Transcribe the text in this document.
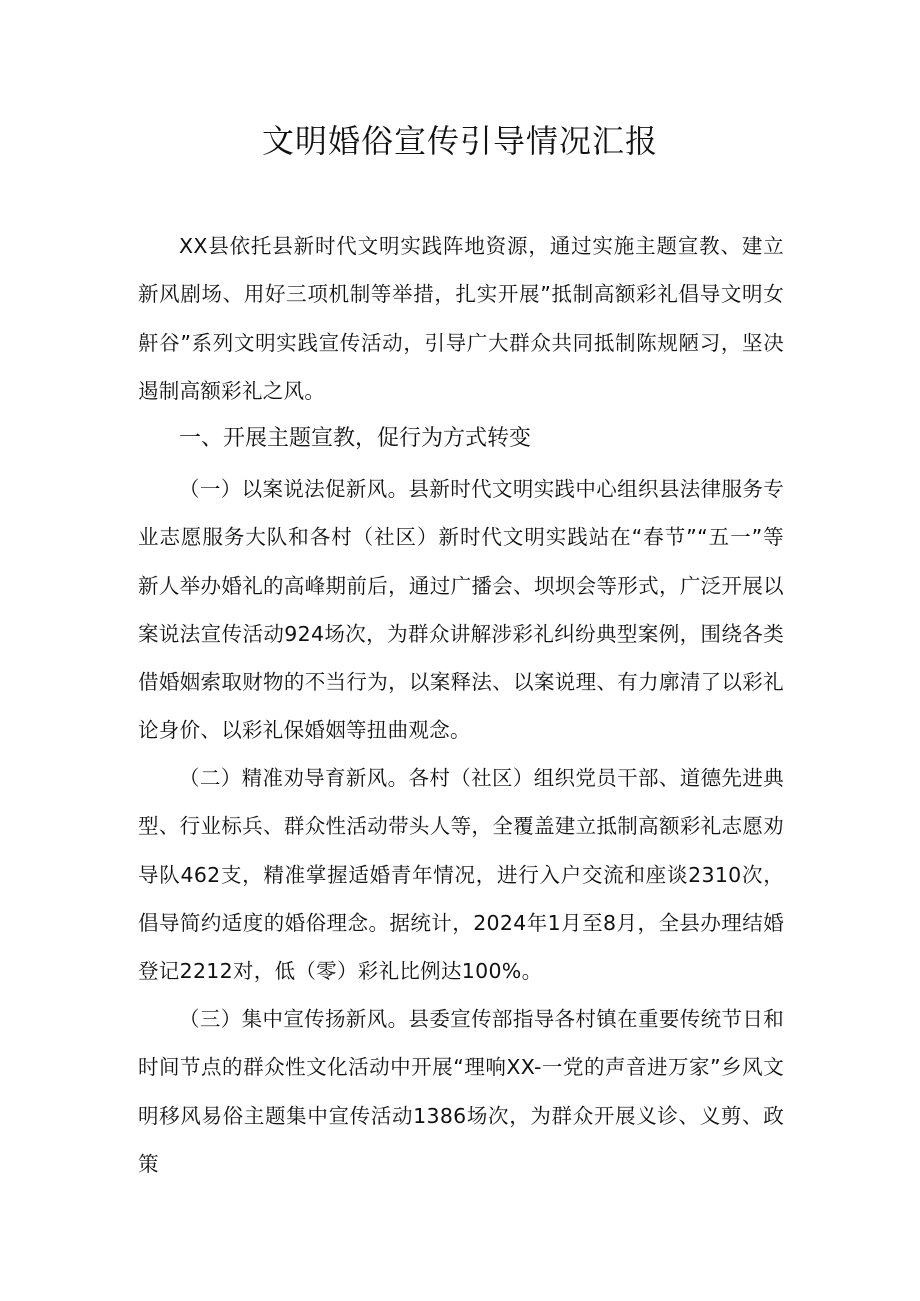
文明婚俗宣传引导情况汇报

XX县依托县新时代文明实践阵地资源，通过实施主题宣教、建立新风剧场、用好三项机制等举措，扎实开展”抵制高额彩礼倡导文明女鼾谷”系列文明实践宣传活动，引导广大群众共同抵制陈规陋习，坚决遏制高额彩礼之风。

一、开展主题宣教，促行为方式转变

（一）以案说法促新风。县新时代文明实践中心组织县法律服务专业志愿服务大队和各村（社区）新时代文明实践站在“春节”“五一”等新人举办婚礼的高峰期前后，通过广播会、坝坝会等形式，广泛开展以案说法宣传活动924场次，为群众讲解涉彩礼纠纷典型案例，围绕各类借婚姻索取财物的不当行为，以案释法、以案说理、有力廓清了以彩礼论身价、以彩礼保婚姻等扭曲观念。

（二）精准劝导育新风。各村（社区）组织党员干部、道德先进典型、行业标兵、群众性活动带头人等，全覆盖建立抵制高额彩礼志愿劝导队462支，精准掌握适婚青年情况，进行入户交流和座谈2310次，倡导简约适度的婚俗理念。据统计，2024年1月至8月，全县办理结婚登记2212对，低（零）彩礼比例达100%。

（三）集中宣传扬新风。县委宣传部指导各村镇在重要传统节日和时间节点的群众性文化活动中开展“理响XX-一党的声音进万家”乡风文明移风易俗主题集中宣传活动1386场次，为群众开展义诊、义剪、政策
